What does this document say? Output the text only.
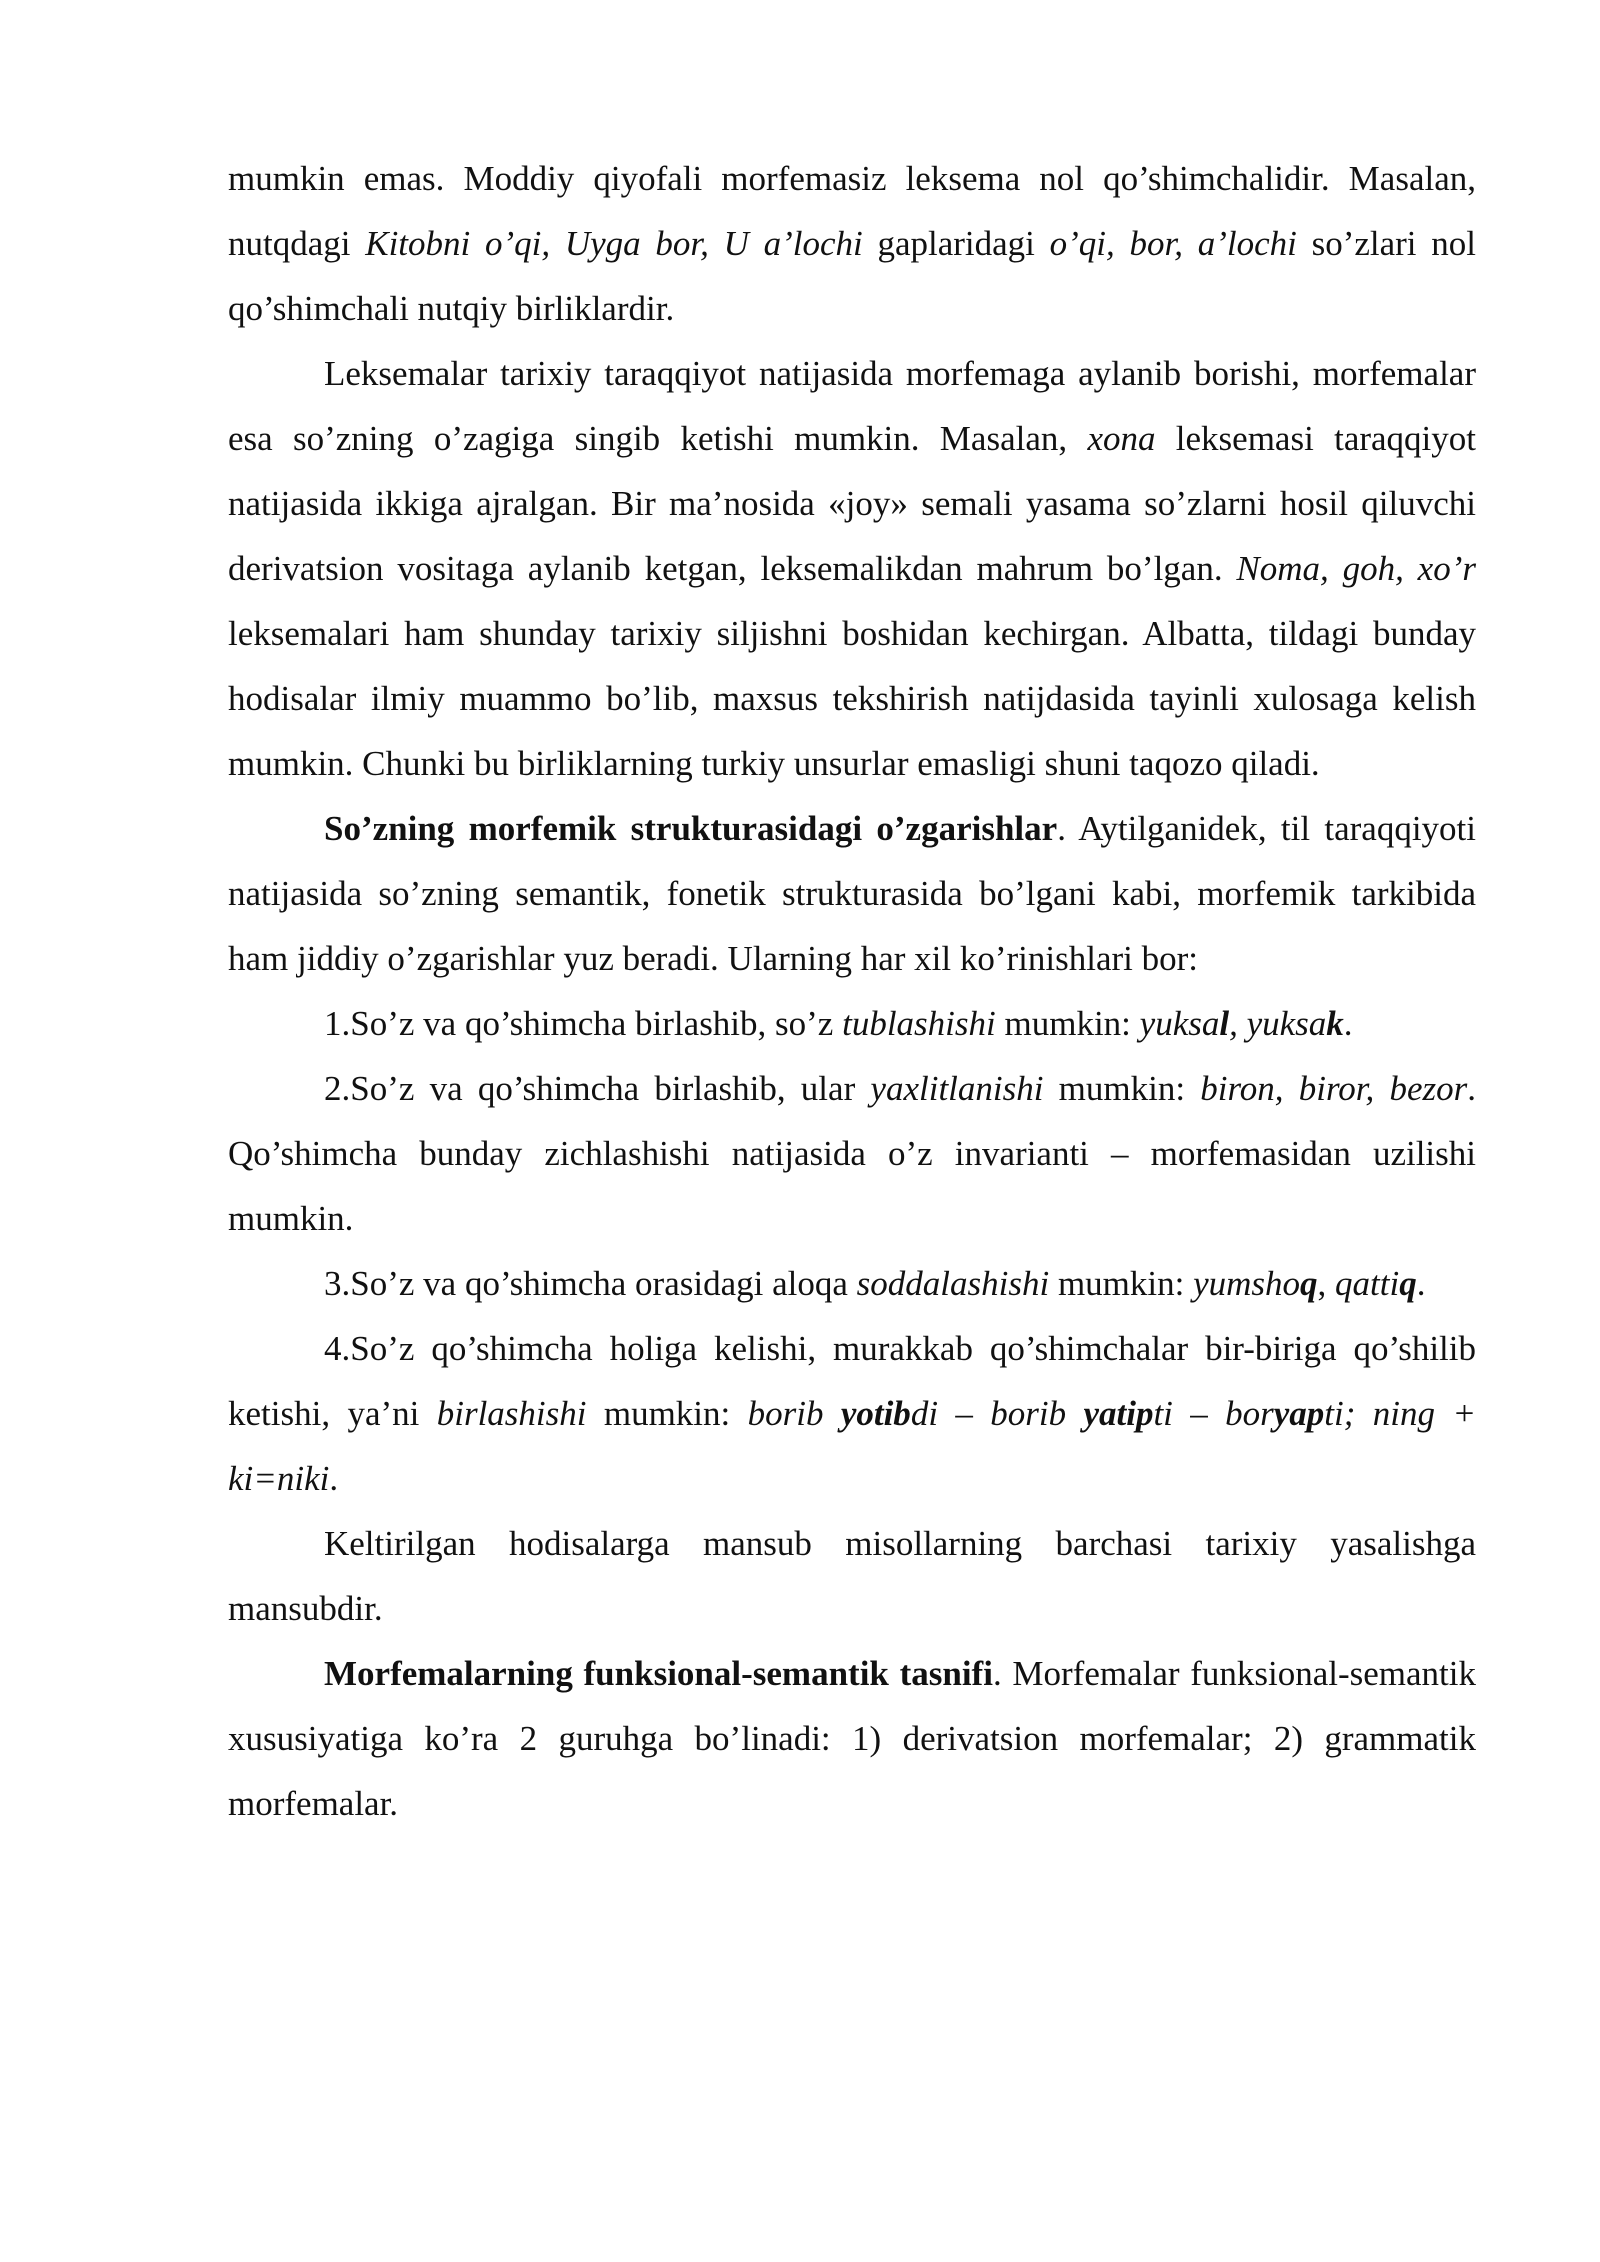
mumkin emas. Moddiy qiyofali morfemasiz leksema nol qo’shimchalidir. Masalan, nutqdagi Kitobni o’qi, Uyga bor, U a’lochi gaplaridagi o’qi, bor, a’lochi so’zlari nol qo’shimchali nutqiy birliklardir.

Leksemalar tarixiy taraqqiyot natijasida morfemaga aylanib borishi, morfemalar esa so’zning o’zagiga singib ketishi mumkin. Masalan, xona leksemasi taraqqiyot natijasida ikkiga ajralgan. Bir ma’nosida «joy» semali yasama so’zlarni hosil qiluvchi derivatsion vositaga aylanib ketgan, leksemalikdan mahrum bo’lgan. Noma, goh, xo’r leksemalari ham shunday tarixiy siljishni boshidan kechirgan. Albatta, tildagi bunday hodisalar ilmiy muammo bo’lib, maxsus tekshirish natijdasida tayinli xulosaga kelish mumkin. Chunki bu birliklarning turkiy unsurlar emasligi shuni taqozo qiladi.

So’zning morfemik strukturasidagi o’zgarishlar. Aytilganidek, til taraqqiyoti natijasida so’zning semantik, fonetik strukturasida bo’lgani kabi, morfemik tarkibida ham jiddiy o’zgarishlar yuz beradi. Ularning har xil ko’rinishlari bor:

1.So’z va qo’shimcha birlashib, so’z tublashishi mumkin: yuksal, yuksak.

2.So’z va qo’shimcha birlashib, ular yaxlitlanishi mumkin: biron, biror, bezor. Qo’shimcha bunday zichlashishi natijasida o’z invarianti – morfemasidan uzilishi mumkin.

3.So’z va qo’shimcha orasidagi aloqa soddalashishi mumkin: yumshoq, qattiq.

4.So’z qo’shimcha holiga kelishi, murakkab qo’shimchalar bir-biriga qo’shilib ketishi, ya’ni birlashishi mumkin: borib yotibdi – borib yatipti – boryapti; ning + ki=niki.

Keltirilgan hodisalarga mansub misollarning barchasi tarixiy yasalishga mansubdir.

Morfemalarning funksional-semantik tasnifi. Morfemalar funksional-semantik xususiyatiga ko’ra 2 guruhga bo’linadi: 1) derivatsion morfemalar; 2) grammatik morfemalar.
